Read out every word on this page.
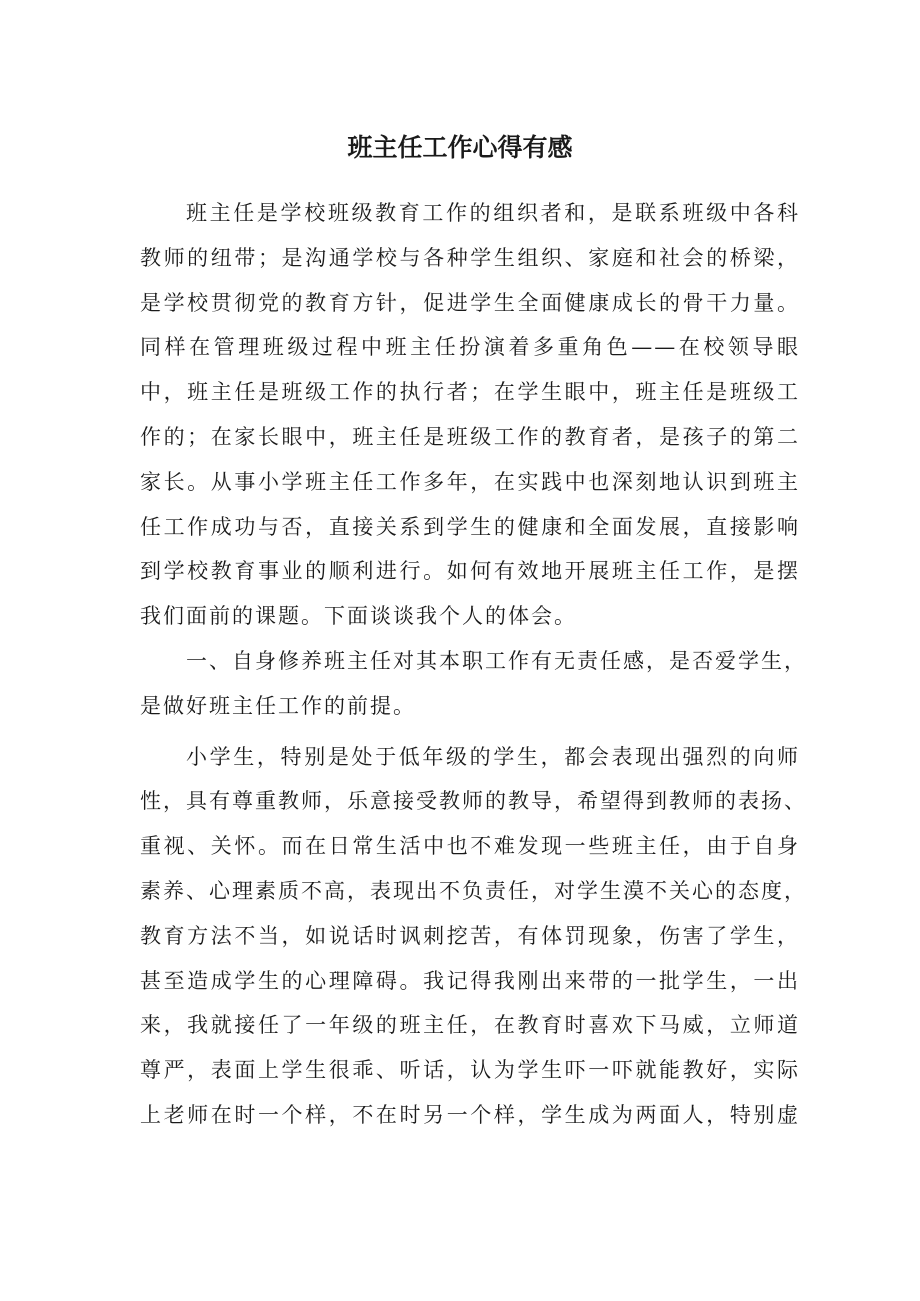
班主任工作心得有感
班主任是学校班级教育工作的组织者和，是联系班级中各科
教师的纽带；是沟通学校与各种学生组织、家庭和社会的桥梁，
是学校贯彻党的教育方针，促进学生全面健康成长的骨干力量。
同样在管理班级过程中班主任扮演着多重角色——在校领导眼
中，班主任是班级工作的执行者；在学生眼中，班主任是班级工
作的；在家长眼中，班主任是班级工作的教育者，是孩子的第二
家长。从事小学班主任工作多年，在实践中也深刻地认识到班主
任工作成功与否，直接关系到学生的健康和全面发展，直接影响
到学校教育事业的顺利进行。如何有效地开展班主任工作，是摆
我们面前的课题。下面谈谈我个人的体会。
一、自身修养班主任对其本职工作有无责任感，是否爱学生，
是做好班主任工作的前提。
小学生，特别是处于低年级的学生，都会表现出强烈的向师
性，具有尊重教师，乐意接受教师的教导，希望得到教师的表扬、
重视、关怀。而在日常生活中也不难发现一些班主任，由于自身
素养、心理素质不高，表现出不负责任，对学生漠不关心的态度，
教育方法不当，如说话时讽刺挖苦，有体罚现象，伤害了学生，
甚至造成学生的心理障碍。我记得我刚出来带的一批学生，一出
来，我就接任了一年级的班主任，在教育时喜欢下马威，立师道
尊严，表面上学生很乖、听话，认为学生吓一吓就能教好，实际
上老师在时一个样，不在时另一个样，学生成为两面人，特别虚
